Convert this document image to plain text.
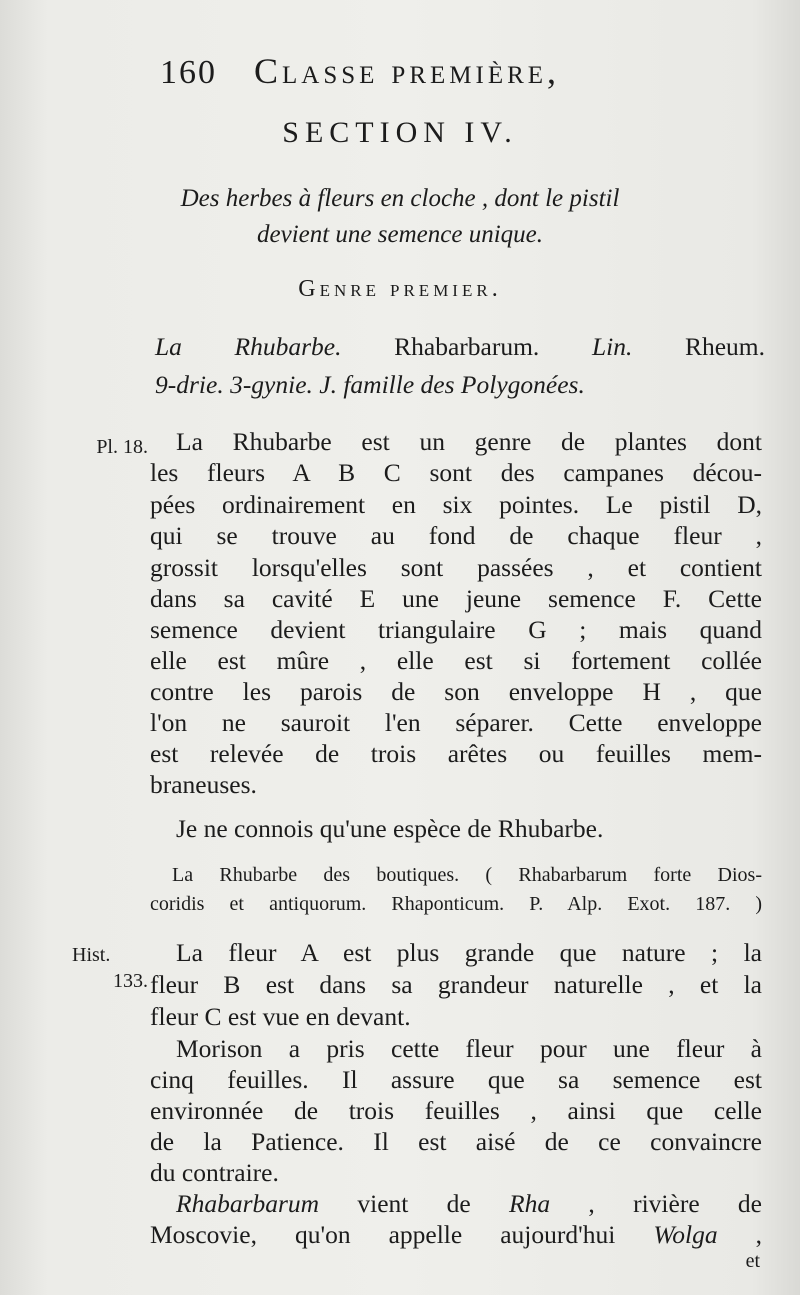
160 Classe première,
SECTION IV.
Des herbes à fleurs en cloche , dont le pistil
devient une semence unique.
Genre premier.
La Rhubarbe. Rhabarbarum. Lin. Rheum.
9-drie. 3-gynie. J. famille des Polygonées.
Pl. 18. La Rhubarbe est un genre de plantes dont
les fleurs A B C sont des campanes décou-
pées ordinairement en six pointes. Le pistil D,
qui se trouve au fond de chaque fleur ,
grossit lorsqu'elles sont passées , et contient
dans sa cavité E une jeune semence F. Cette
semence devient triangulaire G ; mais quand
elle est mûre , elle est si fortement collée
contre les parois de son enveloppe H , que
l'on ne sauroit l'en séparer. Cette enveloppe
est relevée de trois arêtes ou feuilles mem-
braneuses.
Je ne connois qu'une espèce de Rhubarbe.
La Rhubarbe des boutiques. ( Rhabarbarum forte Dios-
coridis et antiquorum. Rhaponticum. P. Alp. Exot. 187. )
Hist.
133.
La fleur A est plus grande que nature ; la
fleur B est dans sa grandeur naturelle , et la
fleur C est vue en devant.
Morison a pris cette fleur pour une fleur à
cinq feuilles. Il assure que sa semence est
environnée de trois feuilles , ainsi que celle
de la Patience. Il est aisé de ce convaincre
du contraire.
Rhabarbarum vient de Rha , rivière de
Moscovie, qu'on appelle aujourd'hui Wolga ,
et
